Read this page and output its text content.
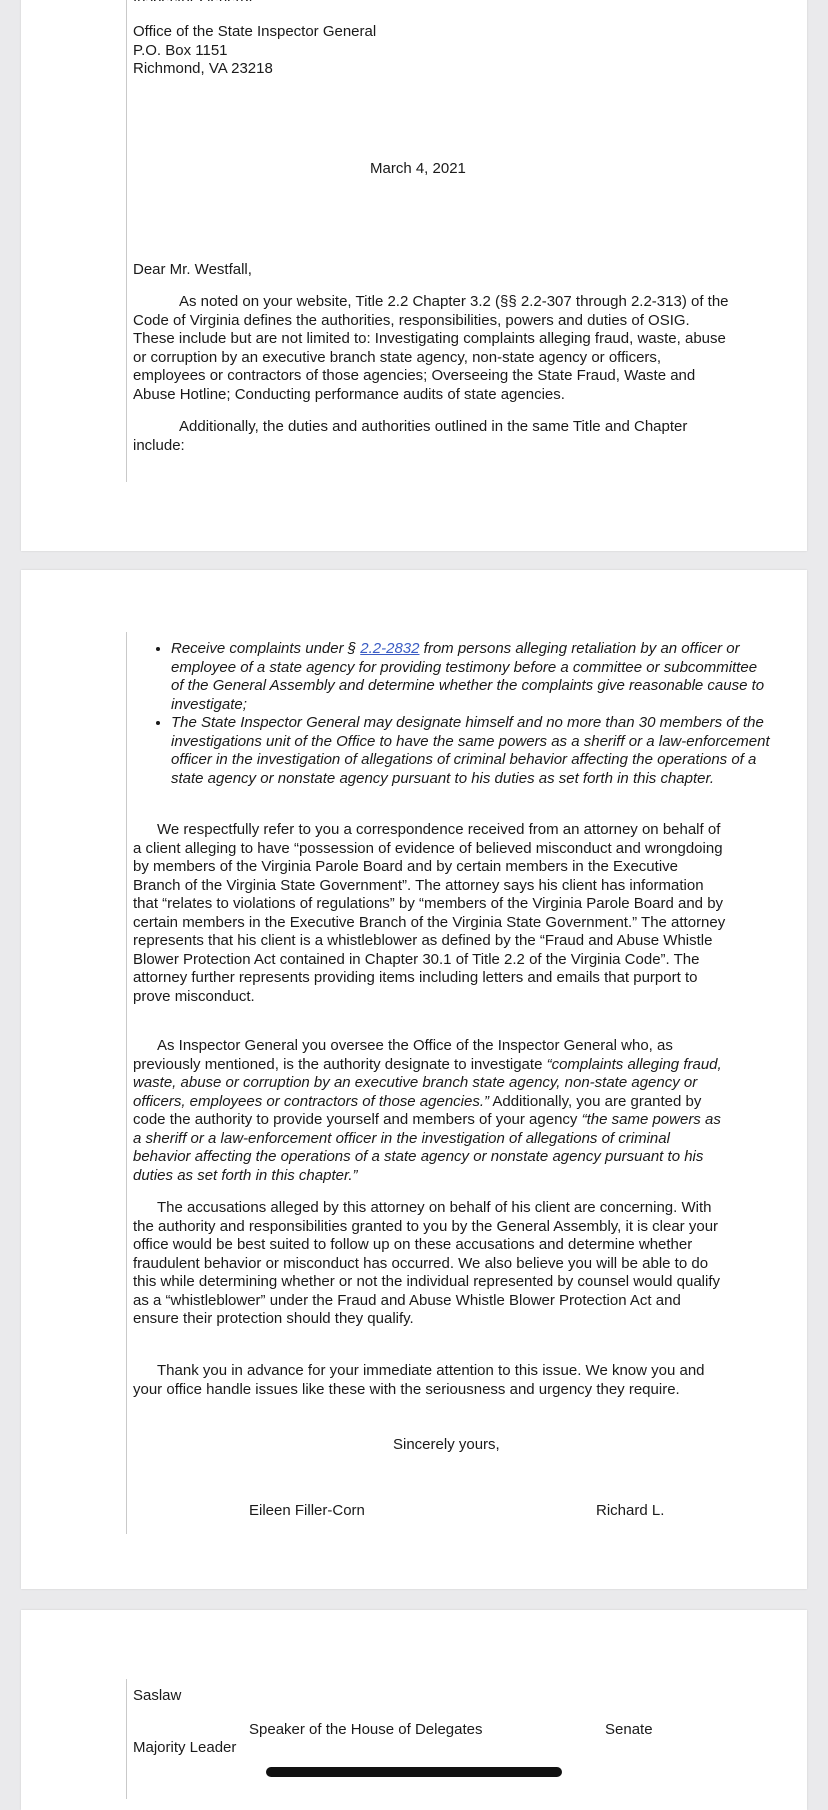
Office of the State Inspector General
P.O. Box 1151
Richmond, VA 23218
March 4, 2021
Dear Mr. Westfall,

As noted on your website, Title 2.2 Chapter 3.2 (§§ 2.2-307 through 2.2-313) of the Code of Virginia defines the authorities, responsibilities, powers and duties of OSIG. These include but are not limited to: Investigating complaints alleging fraud, waste, abuse or corruption by an executive branch state agency, non-state agency or officers, employees or contractors of those agencies; Overseeing the State Fraud, Waste and Abuse Hotline; Conducting performance audits of state agencies.

Additionally, the duties and authorities outlined in the same Title and Chapter include:

• Receive complaints under § 2.2-2832 from persons alleging retaliation by an officer or employee of a state agency for providing testimony before a committee or subcommittee of the General Assembly and determine whether the complaints give reasonable cause to investigate;
• The State Inspector General may designate himself and no more than 30 members of the investigations unit of the Office to have the same powers as a sheriff or a law-enforcement officer in the investigation of allegations of criminal behavior affecting the operations of a state agency or nonstate agency pursuant to his duties as set forth in this chapter.

We respectfully refer to you a correspondence received from an attorney on behalf of a client alleging to have “possession of evidence of believed misconduct and wrongdoing by members of the Virginia Parole Board and by certain members in the Executive Branch of the Virginia State Government”. The attorney says his client has information that “relates to violations of regulations” by “members of the Virginia Parole Board and by certain members in the Executive Branch of the Virginia State Government.” The attorney represents that his client is a whistleblower as defined by the “Fraud and Abuse Whistle Blower Protection Act contained in Chapter 30.1 of Title 2.2 of the Virginia Code”. The attorney further represents providing items including letters and emails that purport to prove misconduct.

As Inspector General you oversee the Office of the Inspector General who, as previously mentioned, is the authority designate to investigate “complaints alleging fraud, waste, abuse or corruption by an executive branch state agency, non-state agency or officers, employees or contractors of those agencies.” Additionally, you are granted by code the authority to provide yourself and members of your agency “the same powers as a sheriff or a law-enforcement officer in the investigation of allegations of criminal behavior affecting the operations of a state agency or nonstate agency pursuant to his duties as set forth in this chapter.”

The accusations alleged by this attorney on behalf of his client are concerning. With the authority and responsibilities granted to you by the General Assembly, it is clear your office would be best suited to follow up on these accusations and determine whether fraudulent behavior or misconduct has occurred. We also believe you will be able to do this while determining whether or not the individual represented by counsel would qualify as a “whistleblower” under the Fraud and Abuse Whistle Blower Protection Act and ensure their protection should they qualify.

Thank you in advance for your immediate attention to this issue. We know you and your office handle issues like these with the seriousness and urgency they require.

Sincerely yours,
Eileen Filler-Corn	Richard L.
Saslaw
Speaker of the House of Delegates	Senate
Majority Leader
